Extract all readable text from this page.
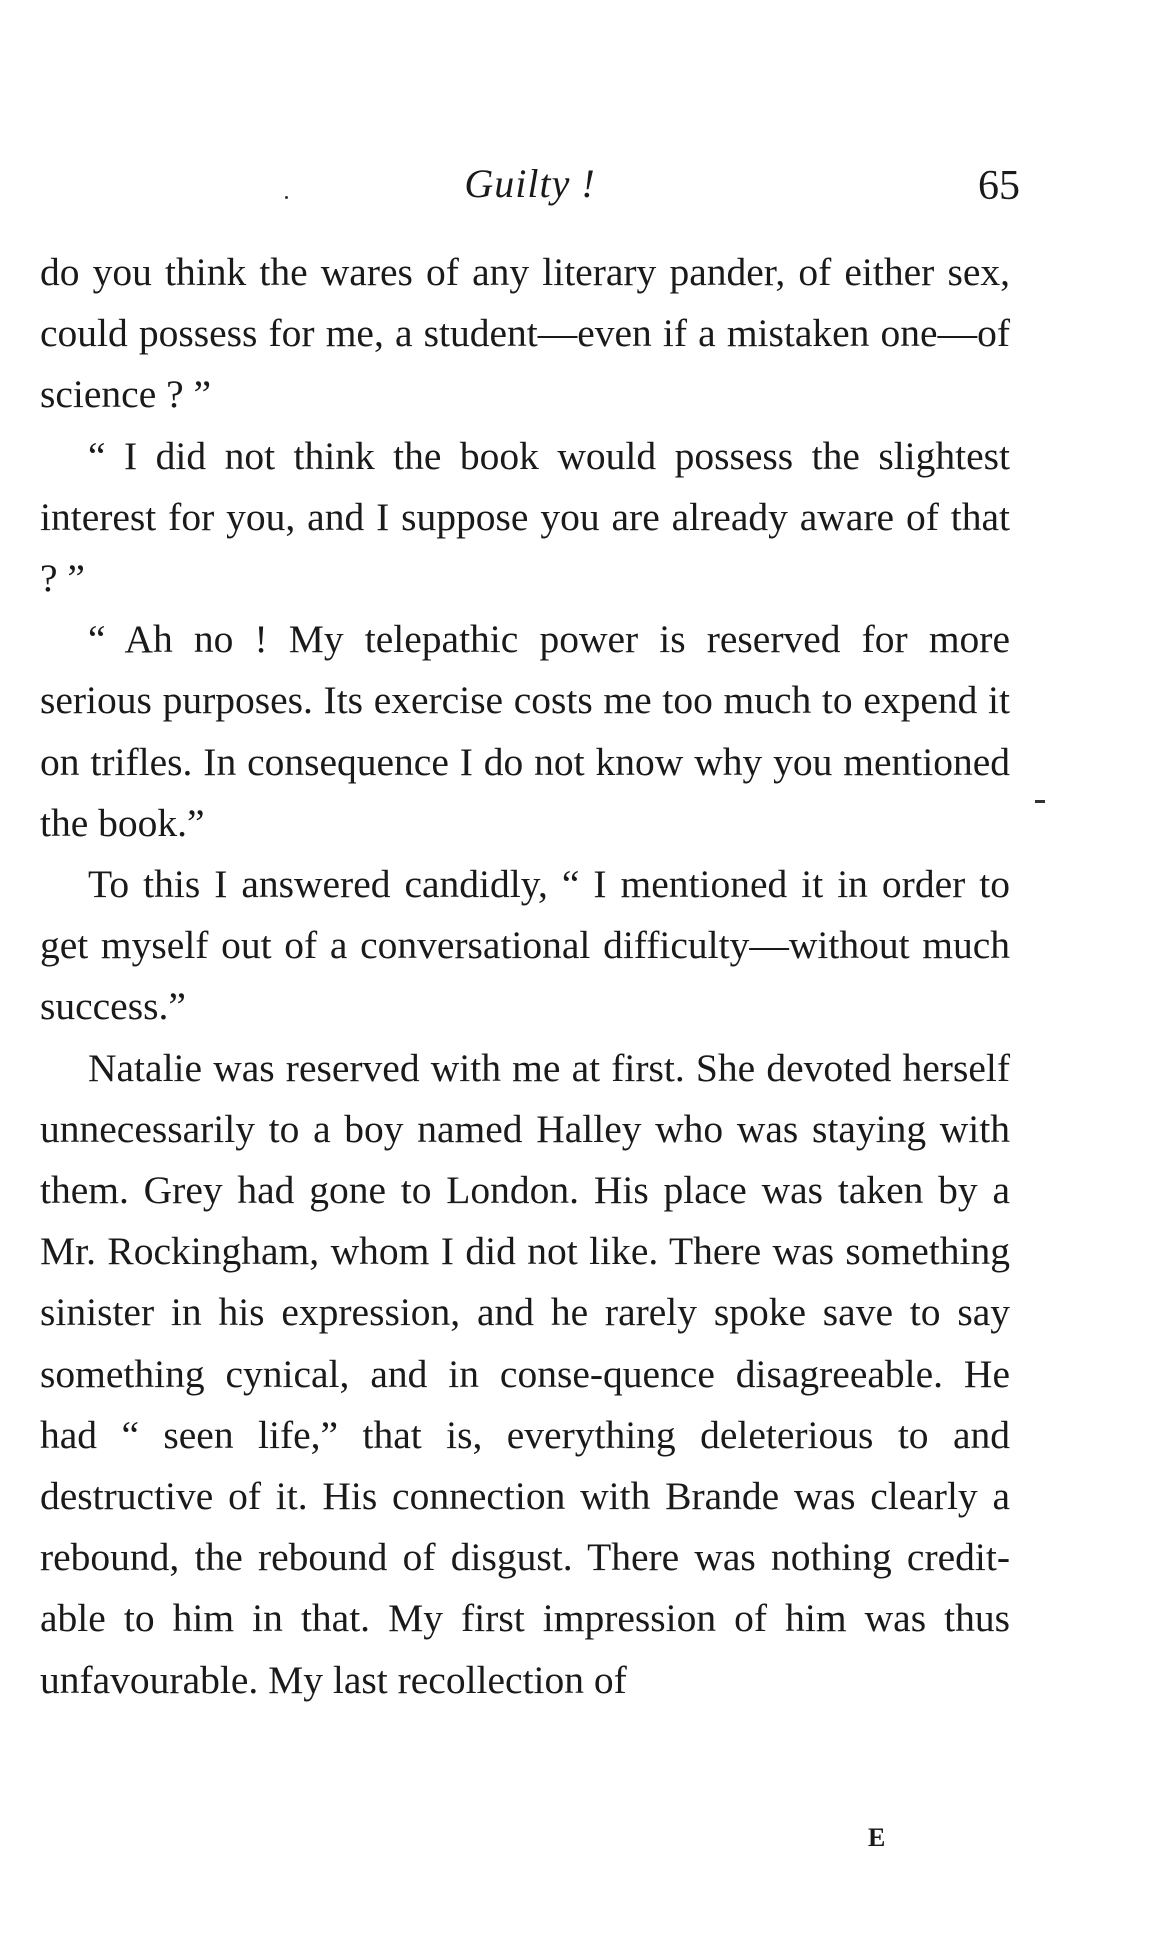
Guilty !	65

do you think the wares of any literary pander, of either sex, could possess for me, a student—even if a mistaken one—of science ? ”

“ I did not think the book would possess the slightest interest for you, and I suppose you are already aware of that ? ”

“ Ah no ! My telepathic power is reserved for more serious purposes. Its exercise costs me too much to expend it on trifles. In consequence I do not know why you mentioned the book.”

To this I answered candidly, “ I mentioned it in order to get myself out of a conversational difficulty—without much success.”

Natalie was reserved with me at first. She devoted herself unnecessarily to a boy named Halley who was staying with them. Grey had gone to London. His place was taken by a Mr. Rockingham, whom I did not like. There was something sinister in his expression, and he rarely spoke save to say something cynical, and in conse-quence disagreeable. He had “ seen life,” that is, everything deleterious to and destructive of it. His connection with Brande was clearly a rebound, the rebound of disgust. There was nothing credit-able to him in that. My first impression of him was thus unfavourable. My last recollection of

E
